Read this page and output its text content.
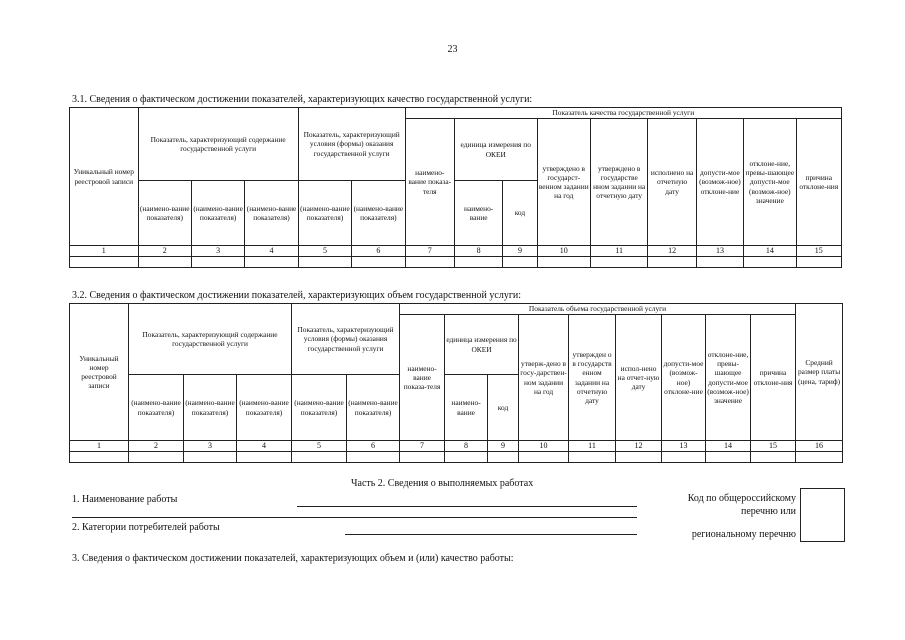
23
3.1. Сведения о фактическом достижении показателей, характеризующих качество государственной услуги:
Уникальный номер реестровой записи	Показатель, характеризующий содержание государственной услуги			Показатель, характеризующий условия (формы) оказания государственной услуги		Показатель качества государственной услуги								
						наимено-вание показа-теля	единица измерения по ОКЕИ		утверждено в государст-венном задании на год	утверждено в государстве нном задании на отчетную дату	исполнено на отчетную дату	допусти-мое (возмож-ное) отклоне-ние	отклоне-ние, превы-шающее допусти-мое (возмож-ное) значение	причина отклоне-ния
	(наимено-вание показателя)	(наимено-вание показателя)	(наимено-вание показателя)	(наимено-вание показателя)	(наимено-вание показателя)		наимено-вание	код						
1	2	3	4	5	6	7	8	9	10	11	12	13	14	15

3.2. Сведения о фактическом достижении показателей, характеризующих объем государственной услуги:
Уникальный номер реестровой записи	Показатель, характеризующий содержание государственной услуги			Показатель, характеризующий условия (формы) оказания государственной услуги		Показатель объема государственной услуги									Средний размер платы (цена, тариф)
						наимено-вание показа-теля	единица измерения по ОКЕИ		утверж-дено в госу-дарствен-ном задании на год	утвержден о в государств енном задании на отчетную дату	испол-нено на отчет-ную дату	допусти-мое (возмож-ное) отклоне-ние	отклоне-ние, превы-шающее допусти-мое (возмож-ное) значение	причина отклоне-ния	
	(наимено-вание показателя)	(наимено-вание показателя)	(наимено-вание показателя)	(наимено-вание показателя)	(наимено-вание показателя)		наимено-вание	код							
1	2	3	4	5	6	7	8	9	10	11	12	13	14	15	16

Часть 2. Сведения о выполняемых работах
1. Наименование работы
2. Категории потребителей работы
Код по общероссийскому
перечню или
региональному перечню
3. Сведения о фактическом достижении показателей, характеризующих объем и (или) качество работы:
